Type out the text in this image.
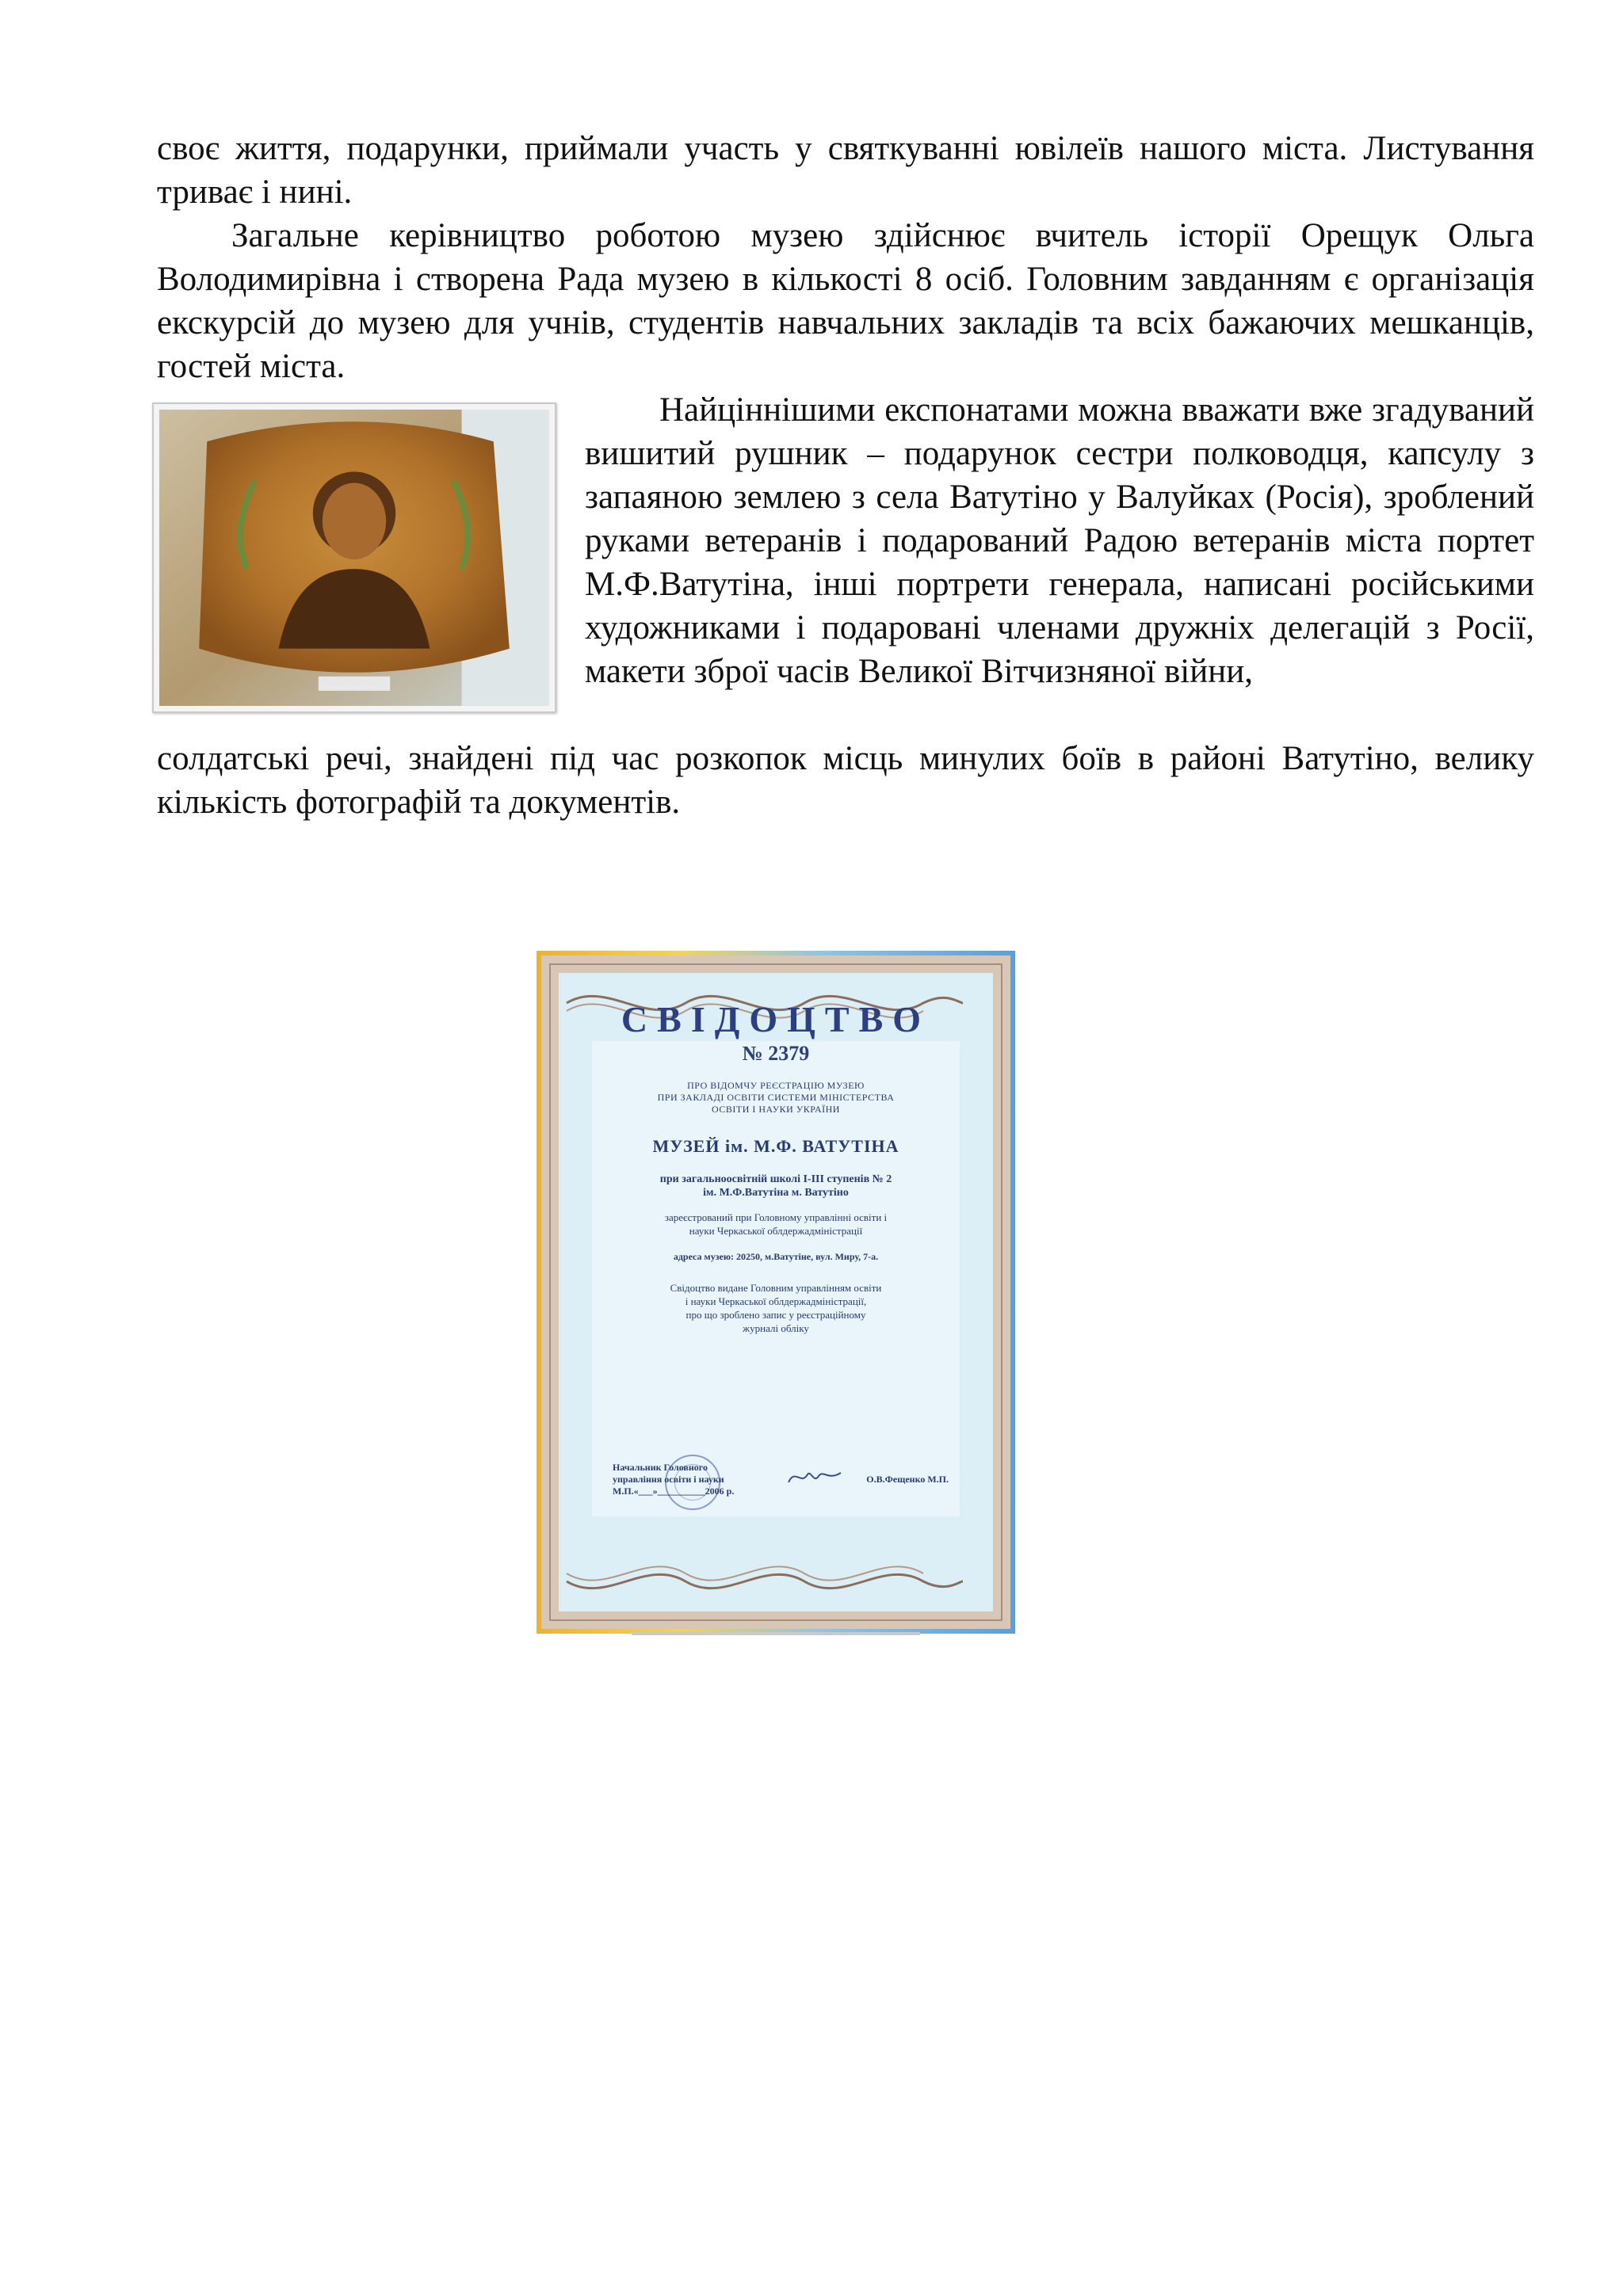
своє життя, подарунки, приймали участь у святкуванні ювілеїв нашого міста. Листування триває і нині.

Загальне керівництво роботою музею здійснює вчитель історії Орещук Ольга Володимирівна і створена Рада музею в кількості 8 осіб. Головним завданням є організація екскурсій до музею для учнів, студентів навчальних закладів та всіх бажаючих мешканців, гостей міста.

Найціннішими експонатами можна вважати вже згадуваний вишитий рушник – подарунок сестри полководця, капсулу з запаяною землею з села Ватутіно у Валуйках (Росія), зроблений руками ветеранів і подарований Радою ветеранів міста портет М.Ф.Ватутіна, інші портрети генерала, написані російськими художниками і подаровані членами дружніх делегацій з Росії, макети зброї часів Великої Вітчизняної війни,

солдатські речі, знайдені під час розкопок місць минулих боїв в районі Ватутіно, велику кількість фотографій та документів.

СВІДОЦТВО
№ 2379
ПРО ВІДОМЧУ РЕЄСТРАЦІЮ МУЗЕЮ
ПРИ ЗАКЛАДІ ОСВІТИ СИСТЕМИ МІНІСТЕРСТВА
ОСВІТИ І НАУКИ УКРАЇНИ
МУЗЕЙ ім. М.Ф. ВАТУТІНА
при загальноосвітній школі І-ІІІ ступенів № 2
ім. М.Ф.Ватутіна м. Ватутіно
зареєстрований при Головному управлінні освіти і
науки Черкаської облдержадміністрації
адреса музею: 20250, м.Ватутіне, вул. Миру, 7-а.
Свідоцтво видане Головним управлінням освіти
і науки Черкаської облдержадміністрації,
про що зроблено запис у реєстраційному
журналі обліку
Начальник Головного
управління освіти і науки
М.П.«___»__________2006 р.
О.В.Фещенко М.П.
